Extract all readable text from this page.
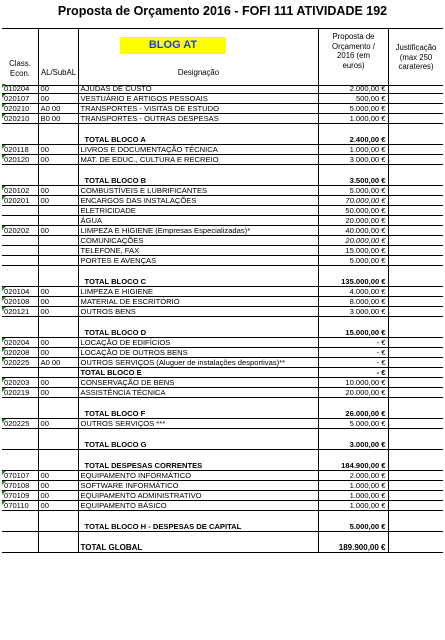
Proposta de Orçamento 2016 - FOFI 111 ATIVIDADE 192
BLOG AT
Class.
Econ.	AL/SubAL	Designação
Proposta de
Orçamento /
2016 (em
euros)
Justificação
(max 250
carateres)
010204	00	AJUDAS DE CUSTO	2.000,00 €	
020107	00	VESTUÁRIO E ARTIGOS PESSOAIS	500,00 €	
020210	A0 00	TRANSPORTES - VISITAS DE ESTUDO	5.000,00 €	
020210	B0 00	TRANSPORTES - OUTRAS DESPESAS	1.000,00 €	
		TOTAL BLOCO A	2.400,00 €	
020118	00	LIVROS E DOCUMENTAÇÃO TÉCNICA	1.000,00 €	
020120	00	MAT. DE EDUC., CULTURA E RECREIO	3.000,00 €	
		TOTAL BLOCO B	3.500,00 €	
020102	00	COMBUSTÍVEIS E LUBRIFICANTES	5.000,00 €	
020201	00	ENCARGOS DAS INSTALAÇÕES	70.000,00 €	
		ELETRICIDADE	50.000,00 €	
		ÁGUA	20.000,00 €	
020202	00	LIMPEZA E HIGIENE (Empresas Especializadas)*	40.000,00 €	
		COMUNICAÇÕES	20.000,00 €	
		TELEFONE, FAX	15.000,00 €	
		PORTES E AVENÇAS	5.000,00 €	
		TOTAL BLOCO C	135.000,00 €	
020104	00	LIMPEZA E HIGIENE	4.000,00 €	
020108	00	MATERIAL DE ESCRITÓRIO	8.000,00 €	
020121	00	OUTROS BENS	3.000,00 €	
		TOTAL BLOCO D	15.000,00 €	
020204	00	LOCAÇÃO DE EDIFÍCIOS	- €	
020208	00	LOCAÇÃO DE OUTROS BENS	- €	
020225	A0 00	OUTROS SERVIÇOS (Aluguer de instalações desportivas)**	- €	
		TOTAL BLOCO E	- €	
020203	00	CONSERVAÇÃO DE BENS	10.000,00 €	
020219	00	ASSISTÊNCIA TÉCNICA	20.000,00 €	
		TOTAL BLOCO F	26.000,00 €	
020225	00	OUTROS SERVIÇOS ***	5.000,00 €	
		TOTAL BLOCO G	3.000,00 €	
		TOTAL DESPESAS CORRENTES	184.900,00 €	
070107	00	EQUIPAMENTO INFORMÁTICO	2.000,00 €	
070108	00	SOFTWARE INFORMÁTICO	1.000,00 €	
070109	00	EQUIPAMENTO ADMINISTRATIVO	1.000,00 €	
070110	00	EQUIPAMENTO BÁSICO	1.000,00 €	
		TOTAL BLOCO H - DESPESAS DE CAPITAL	5.000,00 €	
		TOTAL GLOBAL	189.900,00 €	
